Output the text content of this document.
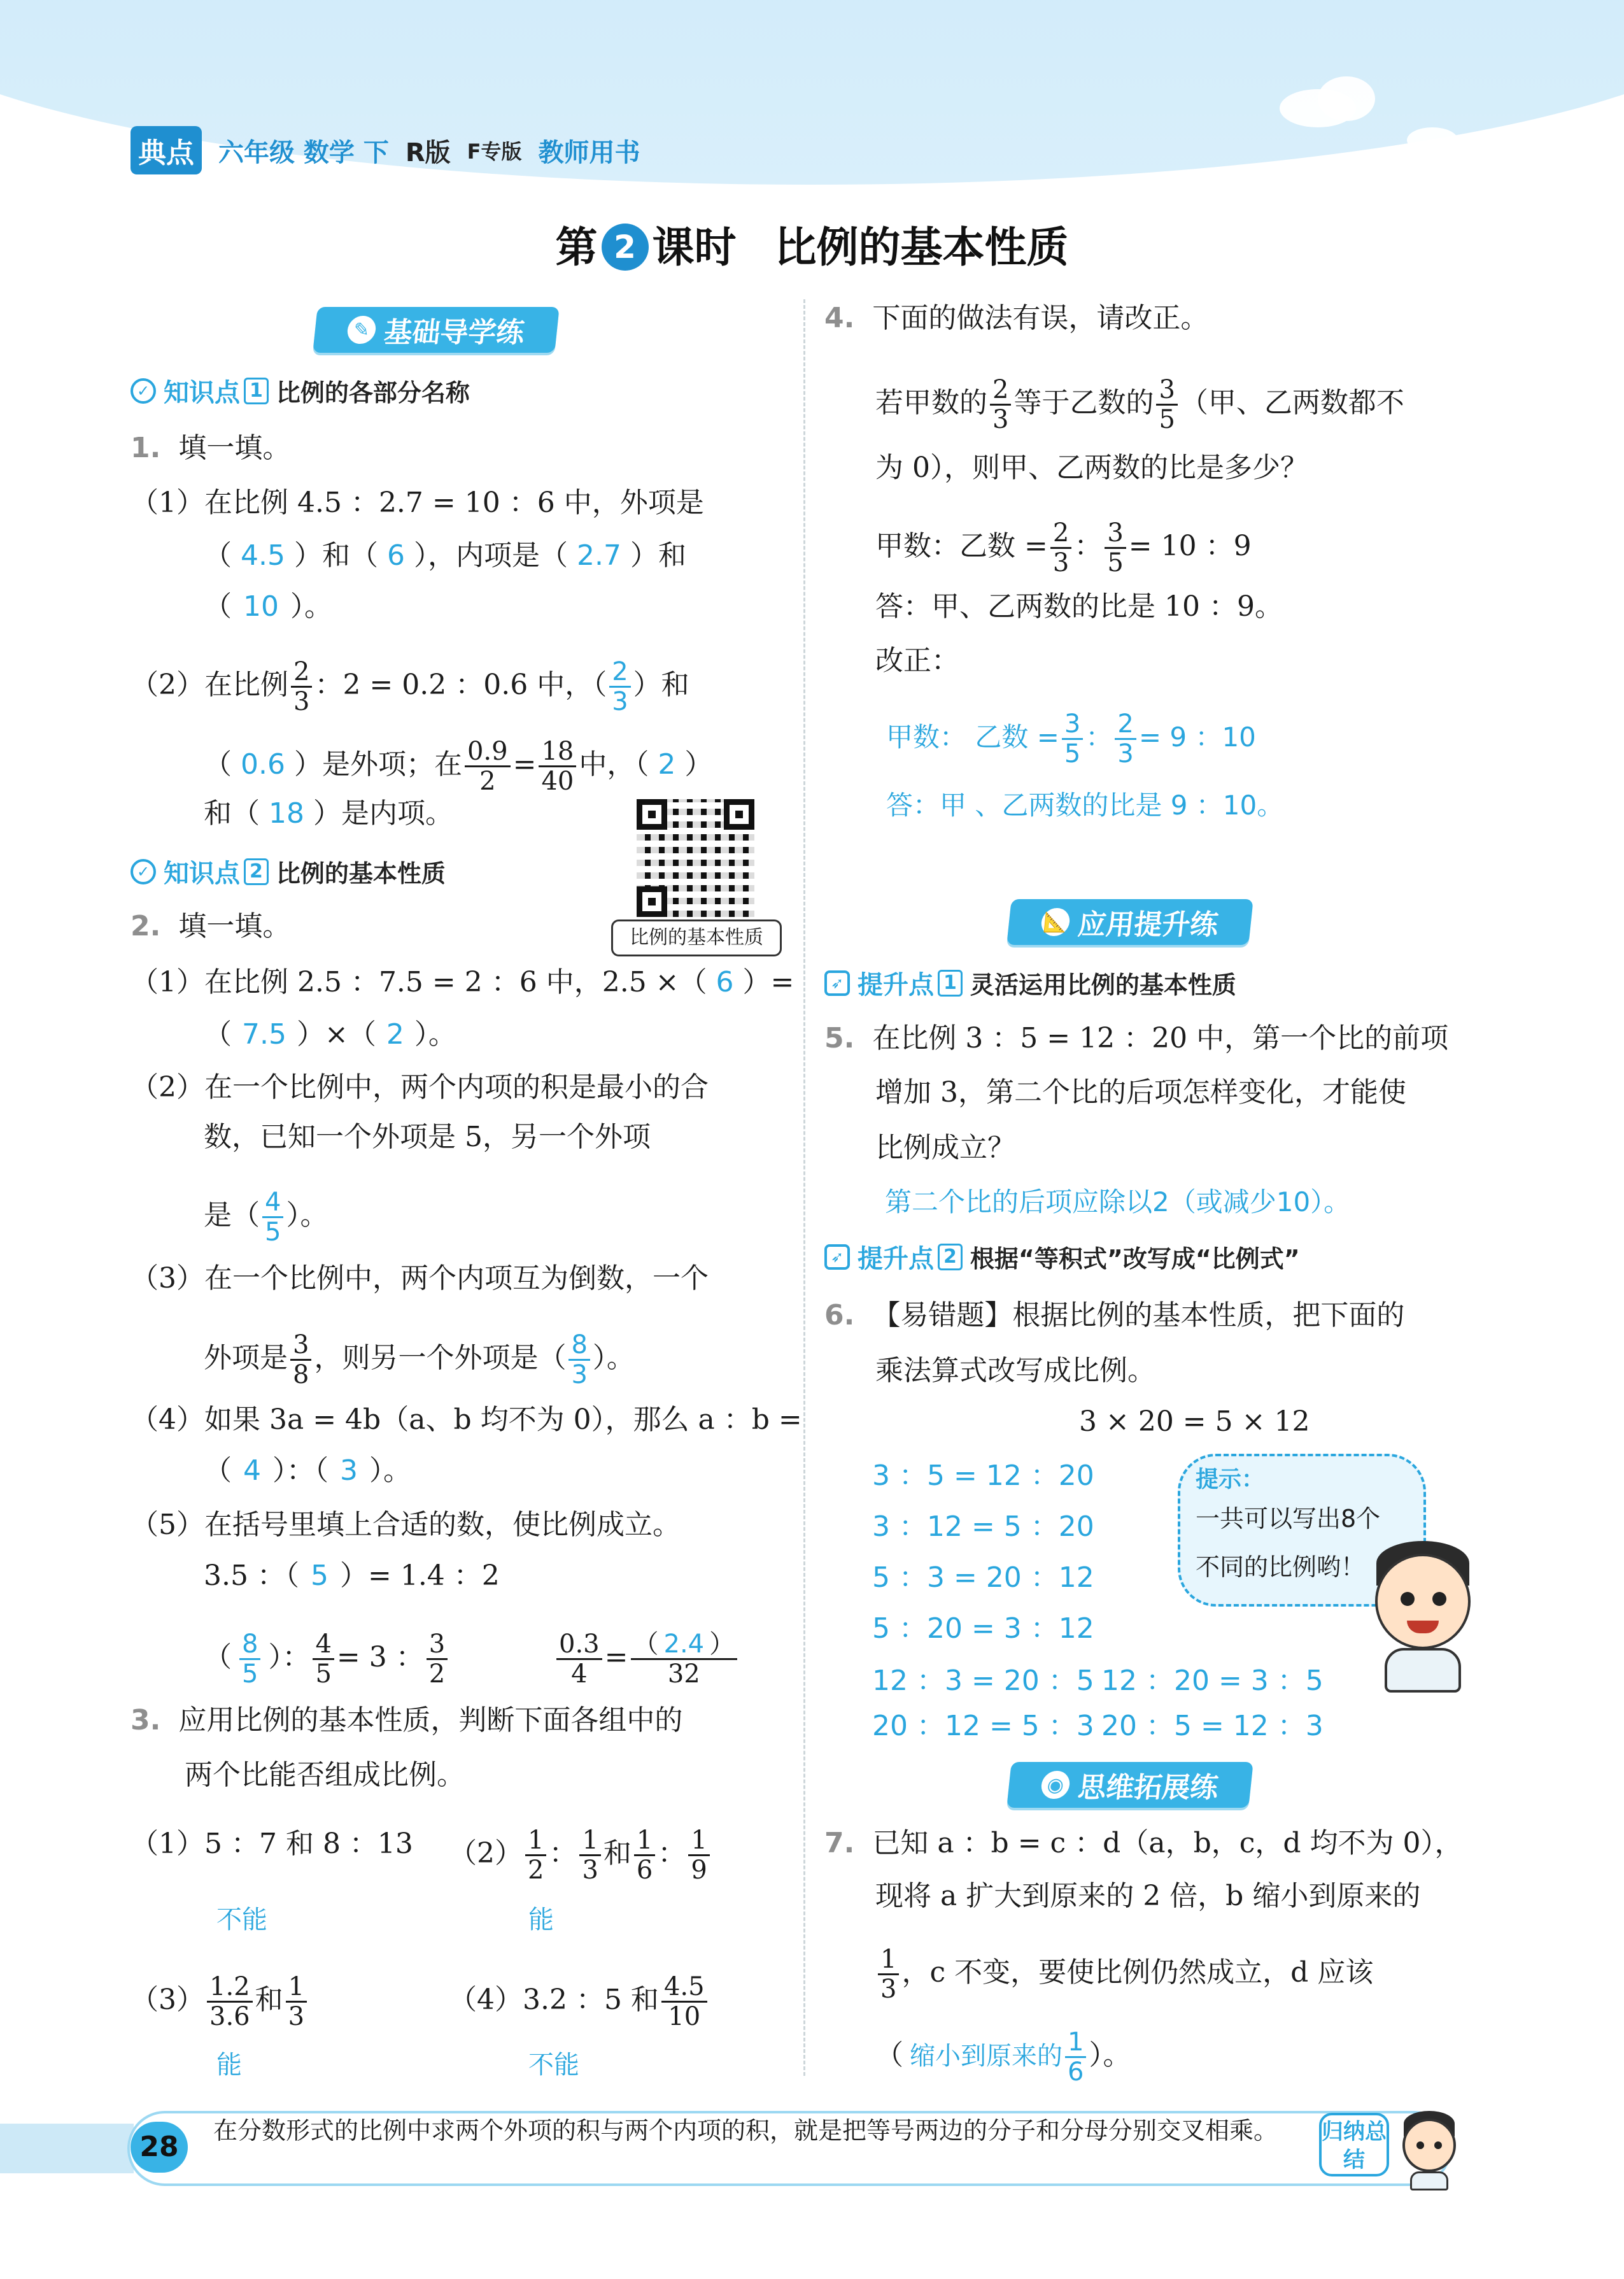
典点 六年级 数学 下 R版 F专版 教师用书
第 2 课时 比例的基本性质
✎ 基础导学练
✓ 知识点 1 比例的各部分名称
1. 填一填。
（1）在比例 4.5 ：2.7 = 10 ：6 中，外项是
（ 4.5 ）和（ 6 ），内项是（ 2.7 ）和
（ 10 ）。
（2）在比例 $\frac{2}{3}$ ：2 = 0.2 ：0.6 中，（ $\frac{2}{3}$ ）和
（ 0.6 ）是外项；在 $\frac{0.9}{2} = \frac{18}{40}$ 中，（ 2 ）
和（ 18 ）是内项。
比例的基本性质
✓ 知识点 2 比例的基本性质
2. 填一填。
（1）在比例 2.5 ：7.5 = 2 ：6 中，2.5 ×（ 6 ）=
（ 7.5 ）×（ 2 ）。
（2）在一个比例中，两个内项的积是最小的合
数，已知一个外项是 5，另一个外项
是（ $\frac{4}{5}$ ）。
（3）在一个比例中，两个内项互为倒数，一个
外项是 $\frac{3}{8}$ ，则另一个外项是（ $\frac{8}{3}$ ）。
（4）如果 3a = 4b（a、b 均不为 0），那么 a ：b =
（ 4 ）：（ 3 ）。
（5）在括号里填上合适的数，使比例成立。
3.5 ：（ 5 ）= 1.4 ：2
（ $\frac{8}{5}$ ）： $\frac{4}{5} = 3$ ： $\frac{3}{2}$	$\frac{0.3}{4} = \frac{( 2.4 )}{32}$
3. 应用比例的基本性质，判断下面各组中的
两个比能否组成比例。
（1）5 ：7 和 8 ：13 $(2) \frac{1}{2}$ ： $\frac{1}{3}$ 和 $\frac{1}{6}$ ： $\frac{1}{9}$
不能	能
$(3) \frac{1.2}{3.6}$ 和 $\frac{1}{3}$	（4）3.2 ：5 和 $\frac{4.5}{10}$
能	不能
4. 下面的做法有误，请改正。
若甲数的 $\frac{2}{3}$ 等于乙数的 $\frac{3}{5}$ （甲、乙两数都不
为 0），则甲、乙两数的比是多少？
甲数：乙数 = $\frac{2}{3}$ ： $\frac{3}{5} = 10$ ：9
答：甲、乙两数的比是 10 ：9。
改正：
甲数： 乙数 = $\frac{3}{5}$ ： $\frac{2}{3} = 9$ ：10
答：甲 、乙两数的比是 9 ：10。
📐 应用提升练
➶ 提升点 1 灵活运用比例的基本性质
5. 在比例 3 ：5 = 12 ：20 中，第一个比的前项
增加 3，第二个比的后项怎样变化，才能使
比例成立？
第二个比的后项应除以2（或减少10）。
➶ 提升点 2 根据“等积式”改写成“比例式”
6. 【易错题】根据比例的基本性质，把下面的
乘法算式改写成比例。
3 × 20 = 5 × 12
3 ：5 = 12 ：20
3 ：12 = 5 ：20
5 ：3 = 20 ：12
5 ：20 = 3 ：12
12 ：3 = 20 ：5 12 ：20 = 3 ：5
20 ：12 = 5 ：3 20 ：5 = 12 ：3
提示：
一共可以写出8个
不同的比例哟！
◉ 思维拓展练
7. 已知 a ：b = c ：d（a，b，c，d 均不为 0），
现将 a 扩大到原来的 2 倍，b 缩小到原来的
$\frac{1}{3}$ ，c 不变，要使比例仍然成立，d 应该
（ 缩小到原来的 $\frac{1}{6}$ ）。
28	在分数形式的比例中求两个外项的积与两个内项的积，就是把等号两边的分子和分母分别交叉相乘。	归纳总结
